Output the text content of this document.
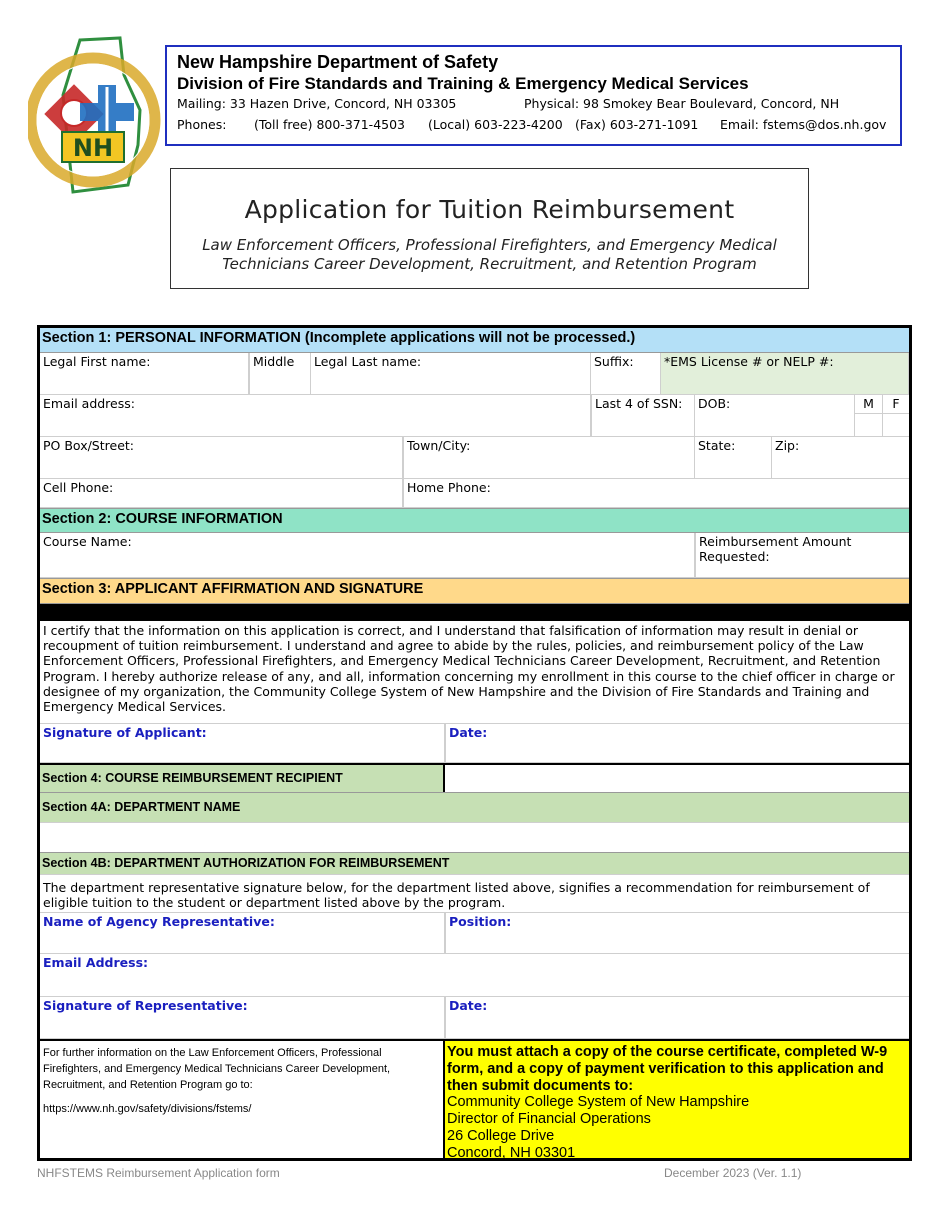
NH
New Hampshire Department of Safety
Division of Fire Standards and Training & Emergency Medical Services
Mailing: 33 Hazen Drive, Concord, NH 03305	Physical: 98 Smokey Bear Boulevard, Concord, NH
Phones: (Toll free) 800-371-4503 (Local) 603-223-4200 (Fax) 603-271-1091 Email: fstems@dos.nh.gov
Application for Tuition Reimbursement
Law Enforcement Officers, Professional Firefighters, and Emergency Medical
Technicians Career Development, Recruitment, and Retention Program
Section 1: PERSONAL INFORMATION (Incomplete applications will not be processed.)
Legal First name:	Middle	Legal Last name:	Suffix:	*EMS License # or NELP #:
Email address:	Last 4 of SSN:	DOB:	M	F
PO Box/Street:	Town/City:	State:	Zip:
Cell Phone:	Home Phone:
Section 2: COURSE INFORMATION
Course Name:	Reimbursement Amount
Requested:
Section 3: APPLICANT AFFIRMATION AND SIGNATURE
I certify that the information on this application is correct, and I understand that falsification of information may result in denial or recoupment of tuition reimbursement. I understand and agree to abide by the rules, policies, and reimbursement policy of the Law Enforcement Officers, Professional Firefighters, and Emergency Medical Technicians Career Development, Recruitment, and Retention Program. I hereby authorize release of any, and all, information concerning my enrollment in this course to the chief officer in charge or designee of my organization, the Community College System of New Hampshire and the Division of Fire Standards and Training and Emergency Medical Services.
Signature of Applicant:	Date:
Section 4: COURSE REIMBURSEMENT RECIPIENT
Section 4A: DEPARTMENT NAME
Section 4B: DEPARTMENT AUTHORIZATION FOR REIMBURSEMENT
The department representative signature below, for the department listed above, signifies a recommendation for reimbursement of eligible tuition to the student or department listed above by the program.
Name of Agency Representative:	Position:
Email Address:
Signature of Representative:	Date:
For further information on the Law Enforcement Officers, Professional Firefighters, and Emergency Medical Technicians Career Development, Recruitment, and Retention Program go to:
https://www.nh.gov/safety/divisions/fstems/
You must attach a copy of the course certificate, completed W-9 form, and a copy of payment verification to this application and then submit documents to:
Community College System of New Hampshire
Director of Financial Operations
26 College Drive
Concord, NH 03301
NHFSTEMS Reimbursement Application form	December 2023 (Ver. 1.1)
